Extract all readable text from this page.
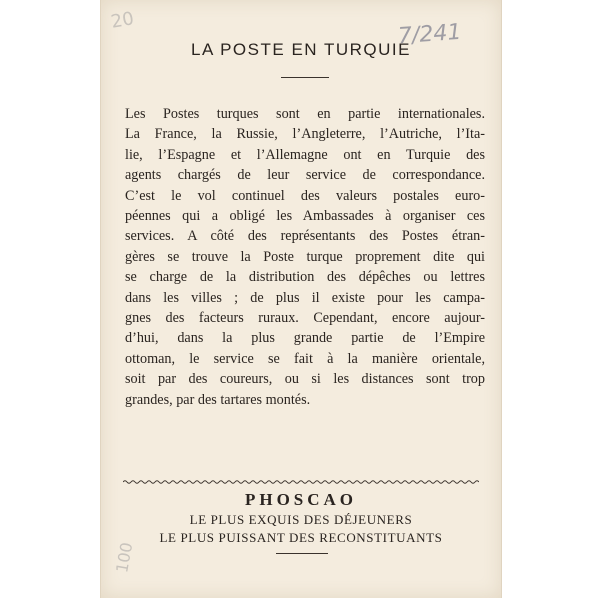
20	7/241
LA POSTE EN TURQUIE
Les Postes turques sont en partie internationales.
La France, la Russie, l’Angleterre, l’Autriche, l’Ita-
lie, l’Espagne et l’Allemagne ont en Turquie des
agents chargés de leur service de correspondance.
C’est le vol continuel des valeurs postales euro-
péennes qui a obligé les Ambassades à organiser ces
services. A côté des représentants des Postes étran-
gères se trouve la Poste turque proprement dite qui
se charge de la distribution des dépêches ou lettres
dans les villes ; de plus il existe pour les campa-
gnes des facteurs ruraux. Cependant, encore aujour-
d’hui, dans la plus grande partie de l’Empire
ottoman, le service se fait à la manière orientale,
soit par des coureurs, ou si les distances sont trop
grandes, par des tartares montés.
PHOSCAO
LE PLUS EXQUIS DES DÉJEUNERS
LE PLUS PUISSANT DES RECONSTITUANTS
100
